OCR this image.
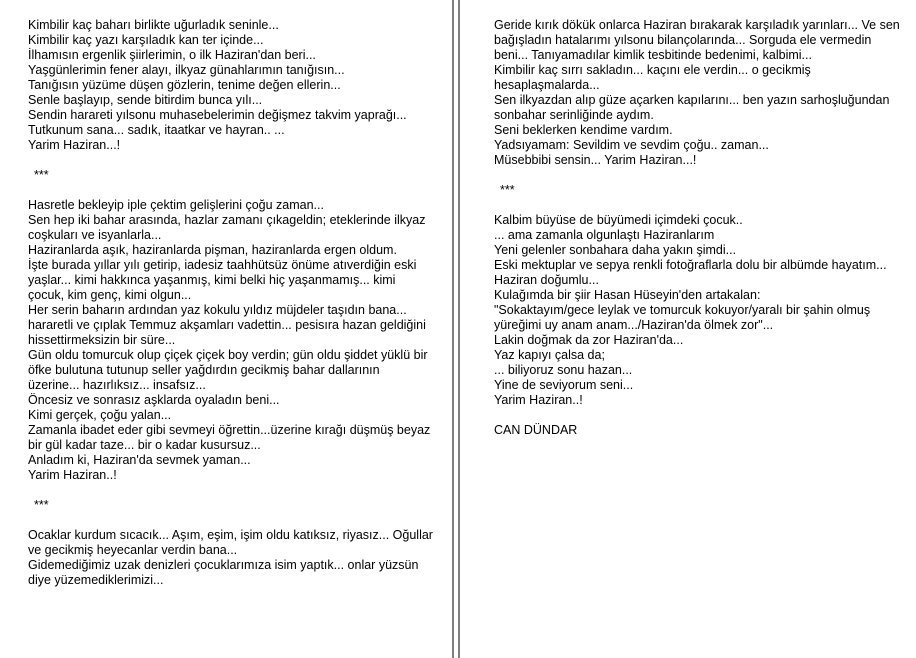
Kimbilir kaç baharı birlikte uğurladık seninle...
Kimbilir kaç yazı karşıladık kan ter içinde...
İlhamısın ergenlik şiirlerimin, o ilk Haziran'dan beri...
Yaşgünlerimin fener alayı, ilkyaz günahlarımın tanığısın...
Tanığısın yüzüme düşen gözlerin, tenime değen ellerin...
Senle başlayıp, sende bitirdim bunca yılı...
Sendin harareti yılsonu muhasebelerimin değişmez takvim yaprağı...
Tutkunum sana... sadık, itaatkar ve hayran.. ...
Yarim Haziran...!
***
Hasretle bekleyip iple çektim gelişlerini çoğu zaman...
Sen hep iki bahar arasında, hazlar zamanı çıkageldin; eteklerinde ilkyaz
coşkuları ve isyanlarla...
Haziranlarda aşık, haziranlarda pişman, haziranlarda ergen oldum.
İşte burada yıllar yılı getirip, iadesiz taahhütsüz önüme atıverdiğin eski
yaşlar... kimi hakkınca yaşanmış, kimi belki hiç yaşanmamış... kimi
çocuk, kim genç, kimi olgun...
Her serin baharın ardından yaz kokulu yıldız müjdeler taşıdın bana...
hararetli ve çıplak Temmuz akşamları vadettin... pesisıra hazan geldiğini
hissettirmeksizin bir süre...
Gün oldu tomurcuk olup çiçek çiçek boy verdin; gün oldu şiddet yüklü bir
öfke bulutuna tutunup seller yağdırdın gecikmiş bahar dallarının
üzerine... hazırlıksız... insafsız...
Öncesiz ve sonrasız aşklarda oyaladın beni...
Kimi gerçek, çoğu yalan...
Zamanla ibadet eder gibi sevmeyi öğrettin...üzerine kırağı düşmüş beyaz
bir gül kadar taze... bir o kadar kusursuz...
Anladım ki, Haziran'da sevmek yaman...
Yarim Haziran..!
***
Ocaklar kurdum sıcacık... Aşım, eşim, işim oldu katıksız, riyasız... Oğullar
ve gecikmiş heyecanlar verdin bana...
Gidemediğimiz uzak denizleri çocuklarımıza isim yaptık... onlar yüzsün
diye yüzemediklerimizi...
Geride kırık dökük onlarca Haziran bırakarak karşıladık yarınları... Ve sen
bağışladın hatalarımı yılsonu bilançolarında... Sorguda ele vermedin
beni... Tanıyamadılar kimlik tesbitinde bedenimi, kalbimi...
Kimbilir kaç sırrı sakladın... kaçını ele verdin... o gecikmiş
hesaplaşmalarda...
Sen ilkyazdan alıp güze açarken kapılarını... ben yazın sarhoşluğundan
sonbahar serinliğinde aydım.
Seni beklerken kendime vardım.
Yadsıyamam: Sevildim ve sevdim çoğu.. zaman...
Müsebbibi sensin... Yarim Haziran...!
***
Kalbim büyüse de büyümedi içimdeki çocuk..
... ama zamanla olgunlaştı Haziranlarım
Yeni gelenler sonbahara daha yakın şimdi...
Eski mektuplar ve sepya renkli fotoğraflarla dolu bir albümde hayatım...
Haziran doğumlu...
Kulağımda bir şiir Hasan Hüseyin'den artakalan:
"Sokaktayım/gece leylak ve tomurcuk kokuyor/yaralı bir şahin olmuş
yüreğimi uy anam anam.../Haziran'da ölmek zor"...
Lakin doğmak da zor Haziran'da...
Yaz kapıyı çalsa da;
... biliyoruz sonu hazan...
Yine de seviyorum seni...
Yarim Haziran..!
CAN DÜNDAR
